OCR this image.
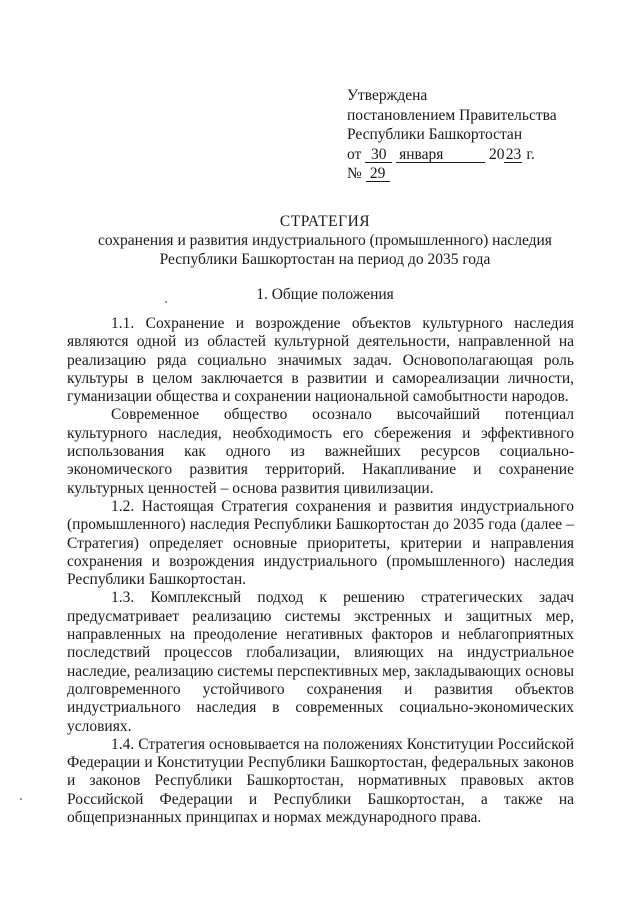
Утверждена
постановлением Правительства
Республики Башкортостан
от 30 января	2023 г.
№ 29
СТРАТЕГИЯ
сохранения и развития индустриального (промышленного) наследия
Республики Башкортостан на период до 2035 года
1. Общие положения

1.1. Сохранение и возрождение объектов культурного наследия являются одной из областей культурной деятельности, направленной на реализацию ряда социально значимых задач. Основополагающая роль культуры в целом заключается в развитии и самореализации личности, гуманизации общества и сохранении национальной самобытности народов.

Современное общество осознало высочайший потенциал культурного наследия, необходимость его сбережения и эффективного использования как одного из важнейших ресурсов социально-экономического развития территорий. Накапливание и сохранение культурных ценностей – основа развития цивилизации.

1.2. Настоящая Стратегия сохранения и развития индустриального (промышленного) наследия Республики Башкортостан до 2035 года (далее – Стратегия) определяет основные приоритеты, критерии и направления сохранения и возрождения индустриального (промышленного) наследия Республики Башкортостан.

1.3. Комплексный подход к решению стратегических задач предусматривает реализацию системы экстренных и защитных мер, направленных на преодоление негативных факторов и неблагоприятных последствий процессов глобализации, влияющих на индустриальное наследие, реализацию системы перспективных мер, закладывающих основы долговременного устойчивого сохранения и развития объектов индустриального наследия в современных социально-экономических условиях.

1.4. Стратегия основывается на положениях Конституции Российской Федерации и Конституции Республики Башкортостан, федеральных законов и законов Республики Башкортостан, нормативных правовых актов Российской Федерации и Республики Башкортостан, а также на общепризнанных принципах и нормах международного права.
